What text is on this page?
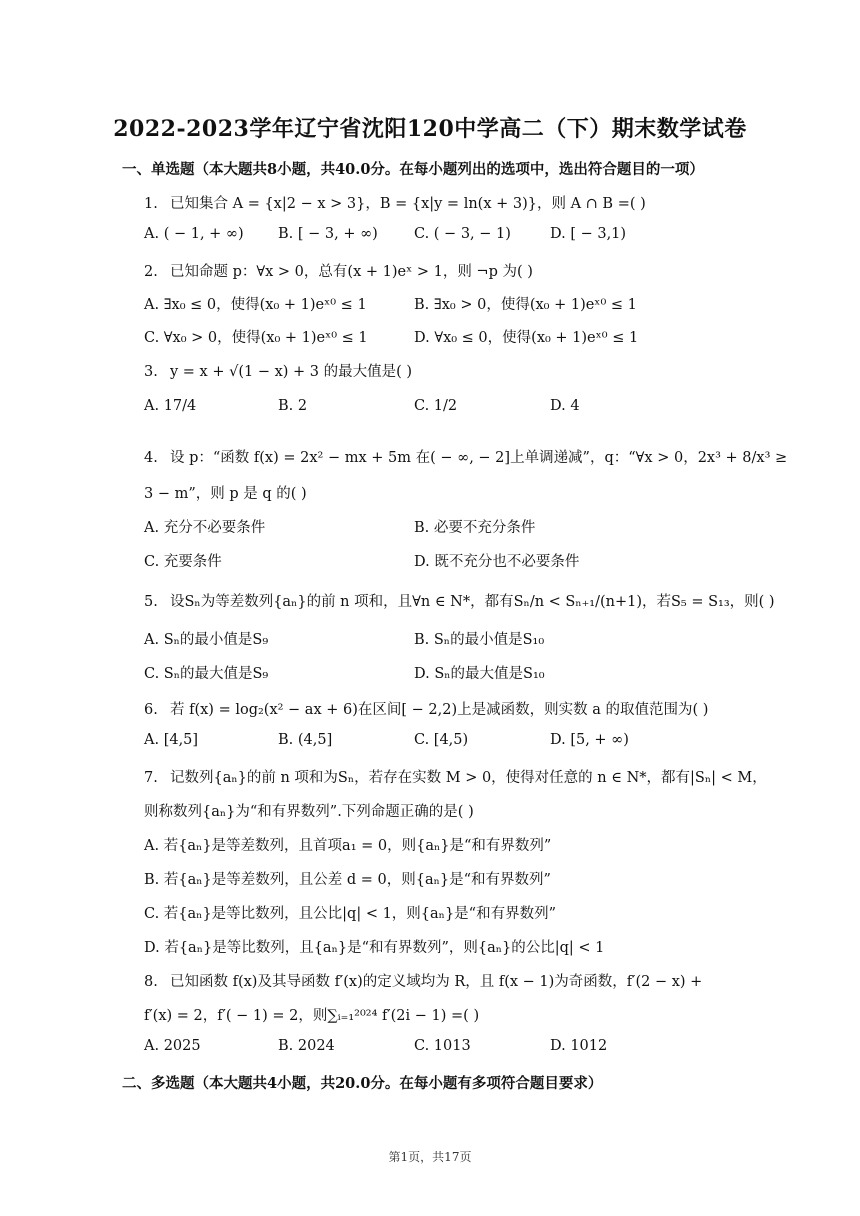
2022-2023学年辽宁省沈阳120中学高二（下）期末数学试卷
一、单选题（本大题共8小题，共40.0分。在每小题列出的选项中，选出符合题目的一项）
1. 已知集合 A = {x|2 − x > 3}，B = {x|y = ln(x + 3)}，则 A ∩ B =( )
A. ( − 1, + ∞) B. [ − 3, + ∞) C. ( − 3, − 1)	D. [ − 3,1)
2. 已知命题 p：∀x > 0，总有(x + 1)eˣ > 1，则 ¬p 为( )
A. ∃x₀ ≤ 0，使得(x₀ + 1)eˣ⁰ ≤ 1	B. ∃x₀ > 0，使得(x₀ + 1)eˣ⁰ ≤ 1
C. ∀x₀ > 0，使得(x₀ + 1)eˣ⁰ ≤ 1	D. ∀x₀ ≤ 0，使得(x₀ + 1)eˣ⁰ ≤ 1
3. y = x + √(1 − x) + 3 的最大值是( )
A. 17/4	B. 2	C. 1/2	D. 4
4. 设 p：“函数 f(x) = 2x² − mx + 5m 在( − ∞, − 2]上单调递减”，q：“∀x > 0，2x³ + 8/x³ ≥
3 − m”，则 p 是 q 的( )
A. 充分不必要条件	B. 必要不充分条件
C. 充要条件	D. 既不充分也不必要条件
5. 设Sₙ为等差数列{aₙ}的前 n 项和，且∀n ∈ N*，都有Sₙ/n < Sₙ₊₁/(n+1)，若S₅ = S₁₃，则( )
A. Sₙ的最小值是S₉	B. Sₙ的最小值是S₁₀
C. Sₙ的最大值是S₉	D. Sₙ的最大值是S₁₀
6. 若 f(x) = log₂(x² − ax + 6)在区间[ − 2,2)上是减函数，则实数 a 的取值范围为( )
A. [4,5]	B. (4,5]	C. [4,5)	D. [5, + ∞)
7. 记数列{aₙ}的前 n 项和为Sₙ，若存在实数 M > 0，使得对任意的 n ∈ N*，都有|Sₙ| < M，
则称数列{aₙ}为“和有界数列”.下列命题正确的是( )
A. 若{aₙ}是等差数列，且首项a₁ = 0，则{aₙ}是“和有界数列”
B. 若{aₙ}是等差数列，且公差 d = 0，则{aₙ}是“和有界数列”
C. 若{aₙ}是等比数列，且公比|q| < 1，则{aₙ}是“和有界数列”
D. 若{aₙ}是等比数列，且{aₙ}是“和有界数列”，则{aₙ}的公比|q| < 1
8. 已知函数 f(x)及其导函数 f′(x)的定义域均为 R，且 f(x − 1)为奇函数，f′(2 − x) +
f′(x) = 2，f′( − 1) = 2，则∑ᵢ₌₁²⁰²⁴ f′(2i − 1) =( )
A. 2025	B. 2024	C. 1013	D. 1012
二、多选题（本大题共4小题，共20.0分。在每小题有多项符合题目要求）
第1页，共17页
